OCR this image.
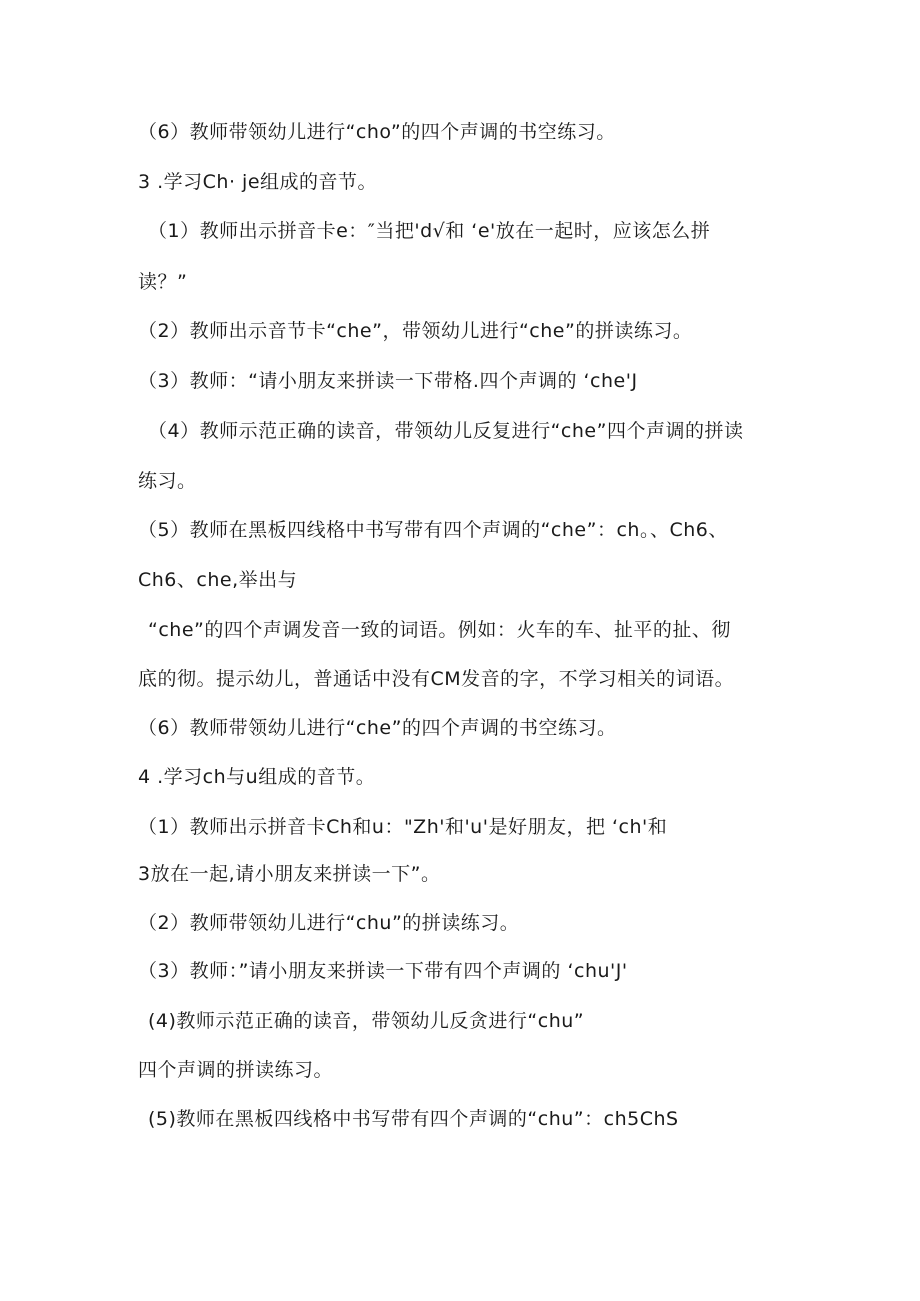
（6）教师带领幼儿进行“cho”的四个声调的书空练习。
3 .学习Ch· je组成的音节。
（1）教师出示拼音卡e：″当把'd√和 ‘e'放在一起时，应该怎么拼
读？”
（2）教师出示音节卡“che”，带领幼儿进行“che”的拼读练习。
（3）教师：“请小朋友来拼读一下带格.四个声调的 ‘che'J
（4）教师示范正确的读音，带领幼儿反复进行“che”四个声调的拼读
练习。
（5）教师在黑板四线格中书写带有四个声调的“che”：ch。、Ch6、
Ch6、che,举出与
“che”的四个声调发音一致的词语。例如：火车的车、扯平的扯、彻
底的彻。提示幼儿，普通话中没有CM发音的字，不学习相关的词语。
（6）教师带领幼儿进行“che”的四个声调的书空练习。
4 .学习ch与u组成的音节。
（1）教师出示拼音卡Ch和u："Zh'和'u'是好朋友，把 ‘ch'和
3放在一起,请小朋友来拼读一下”。
（2）教师带领幼儿进行“chu”的拼读练习。
（3）教师：”请小朋友来拼读一下带有四个声调的 ‘chu'J'
(4)教师示范正确的读音，带领幼儿反贪进行“chu”
四个声调的拼读练习。
(5)教师在黑板四线格中书写带有四个声调的“chu”：ch5ChS
